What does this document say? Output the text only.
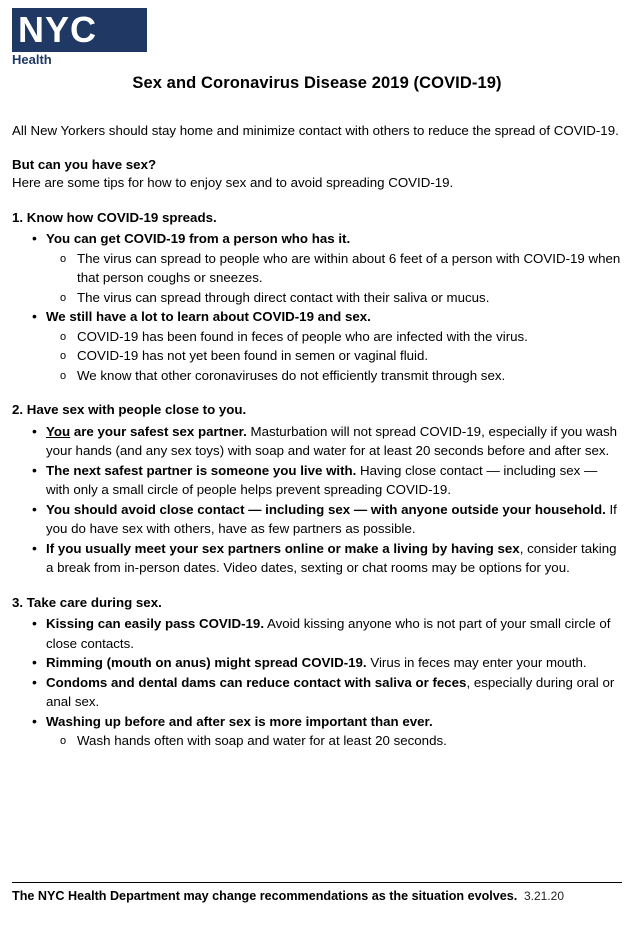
NYC
Health
Sex and Coronavirus Disease 2019 (COVID-19)

All New Yorkers should stay home and minimize contact with others to reduce the spread of COVID-19.

But can you have sex?

Here are some tips for how to enjoy sex and to avoid spreading COVID-19.

1. Know how COVID-19 spreads.
• You can get COVID-19 from a person who has it.
o The virus can spread to people who are within about 6 feet of a person with COVID-19 when that person coughs or sneezes.
o The virus can spread through direct contact with their saliva or mucus.
• We still have a lot to learn about COVID-19 and sex.
o COVID-19 has been found in feces of people who are infected with the virus.
o COVID-19 has not yet been found in semen or vaginal fluid.
o We know that other coronaviruses do not efficiently transmit through sex.
2. Have sex with people close to you.
• You are your safest sex partner. Masturbation will not spread COVID-19, especially if you wash your hands (and any sex toys) with soap and water for at least 20 seconds before and after sex.
• The next safest partner is someone you live with. Having close contact — including sex — with only a small circle of people helps prevent spreading COVID-19.
• You should avoid close contact — including sex — with anyone outside your household. If you do have sex with others, have as few partners as possible.
• If you usually meet your sex partners online or make a living by having sex, consider taking a break from in-person dates. Video dates, sexting or chat rooms may be options for you.
3. Take care during sex.
• Kissing can easily pass COVID-19. Avoid kissing anyone who is not part of your small circle of close contacts.
• Rimming (mouth on anus) might spread COVID-19. Virus in feces may enter your mouth.
• Condoms and dental dams can reduce contact with saliva or feces, especially during oral or anal sex.
• Washing up before and after sex is more important than ever.
o Wash hands often with soap and water for at least 20 seconds.
The NYC Health Department may change recommendations as the situation evolves. 3.21.20
